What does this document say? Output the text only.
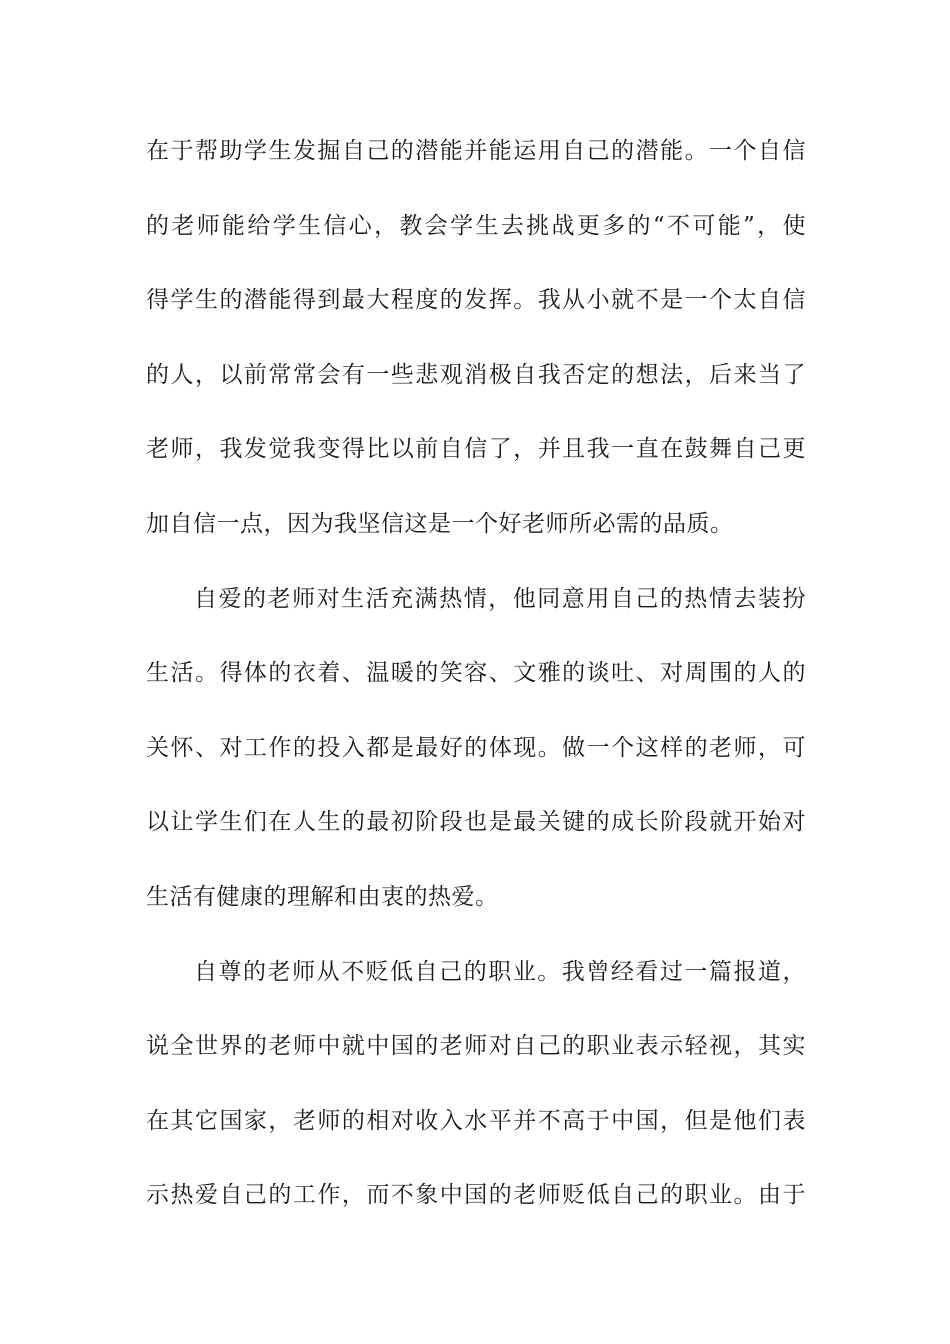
在于帮助学生发掘自己的潜能并能运用自己的潜能。一个自信
的老师能给学生信心，教会学生去挑战更多的“不可能”，使
得学生的潜能得到最大程度的发挥。我从小就不是一个太自信
的人，以前常常会有一些悲观消极自我否定的想法，后来当了
老师，我发觉我变得比以前自信了，并且我一直在鼓舞自己更
加自信一点，因为我坚信这是一个好老师所必需的品质。
自爱的老师对生活充满热情，他同意用自己的热情去装扮
生活。得体的衣着、温暖的笑容、文雅的谈吐、对周围的人的
关怀、对工作的投入都是最好的体现。做一个这样的老师，可
以让学生们在人生的最初阶段也是最关键的成长阶段就开始对
生活有健康的理解和由衷的热爱。
自尊的老师从不贬低自己的职业。我曾经看过一篇报道，
说全世界的老师中就中国的老师对自己的职业表示轻视，其实
在其它国家，老师的相对收入水平并不高于中国，但是他们表
示热爱自己的工作，而不象中国的老师贬低自己的职业。由于
